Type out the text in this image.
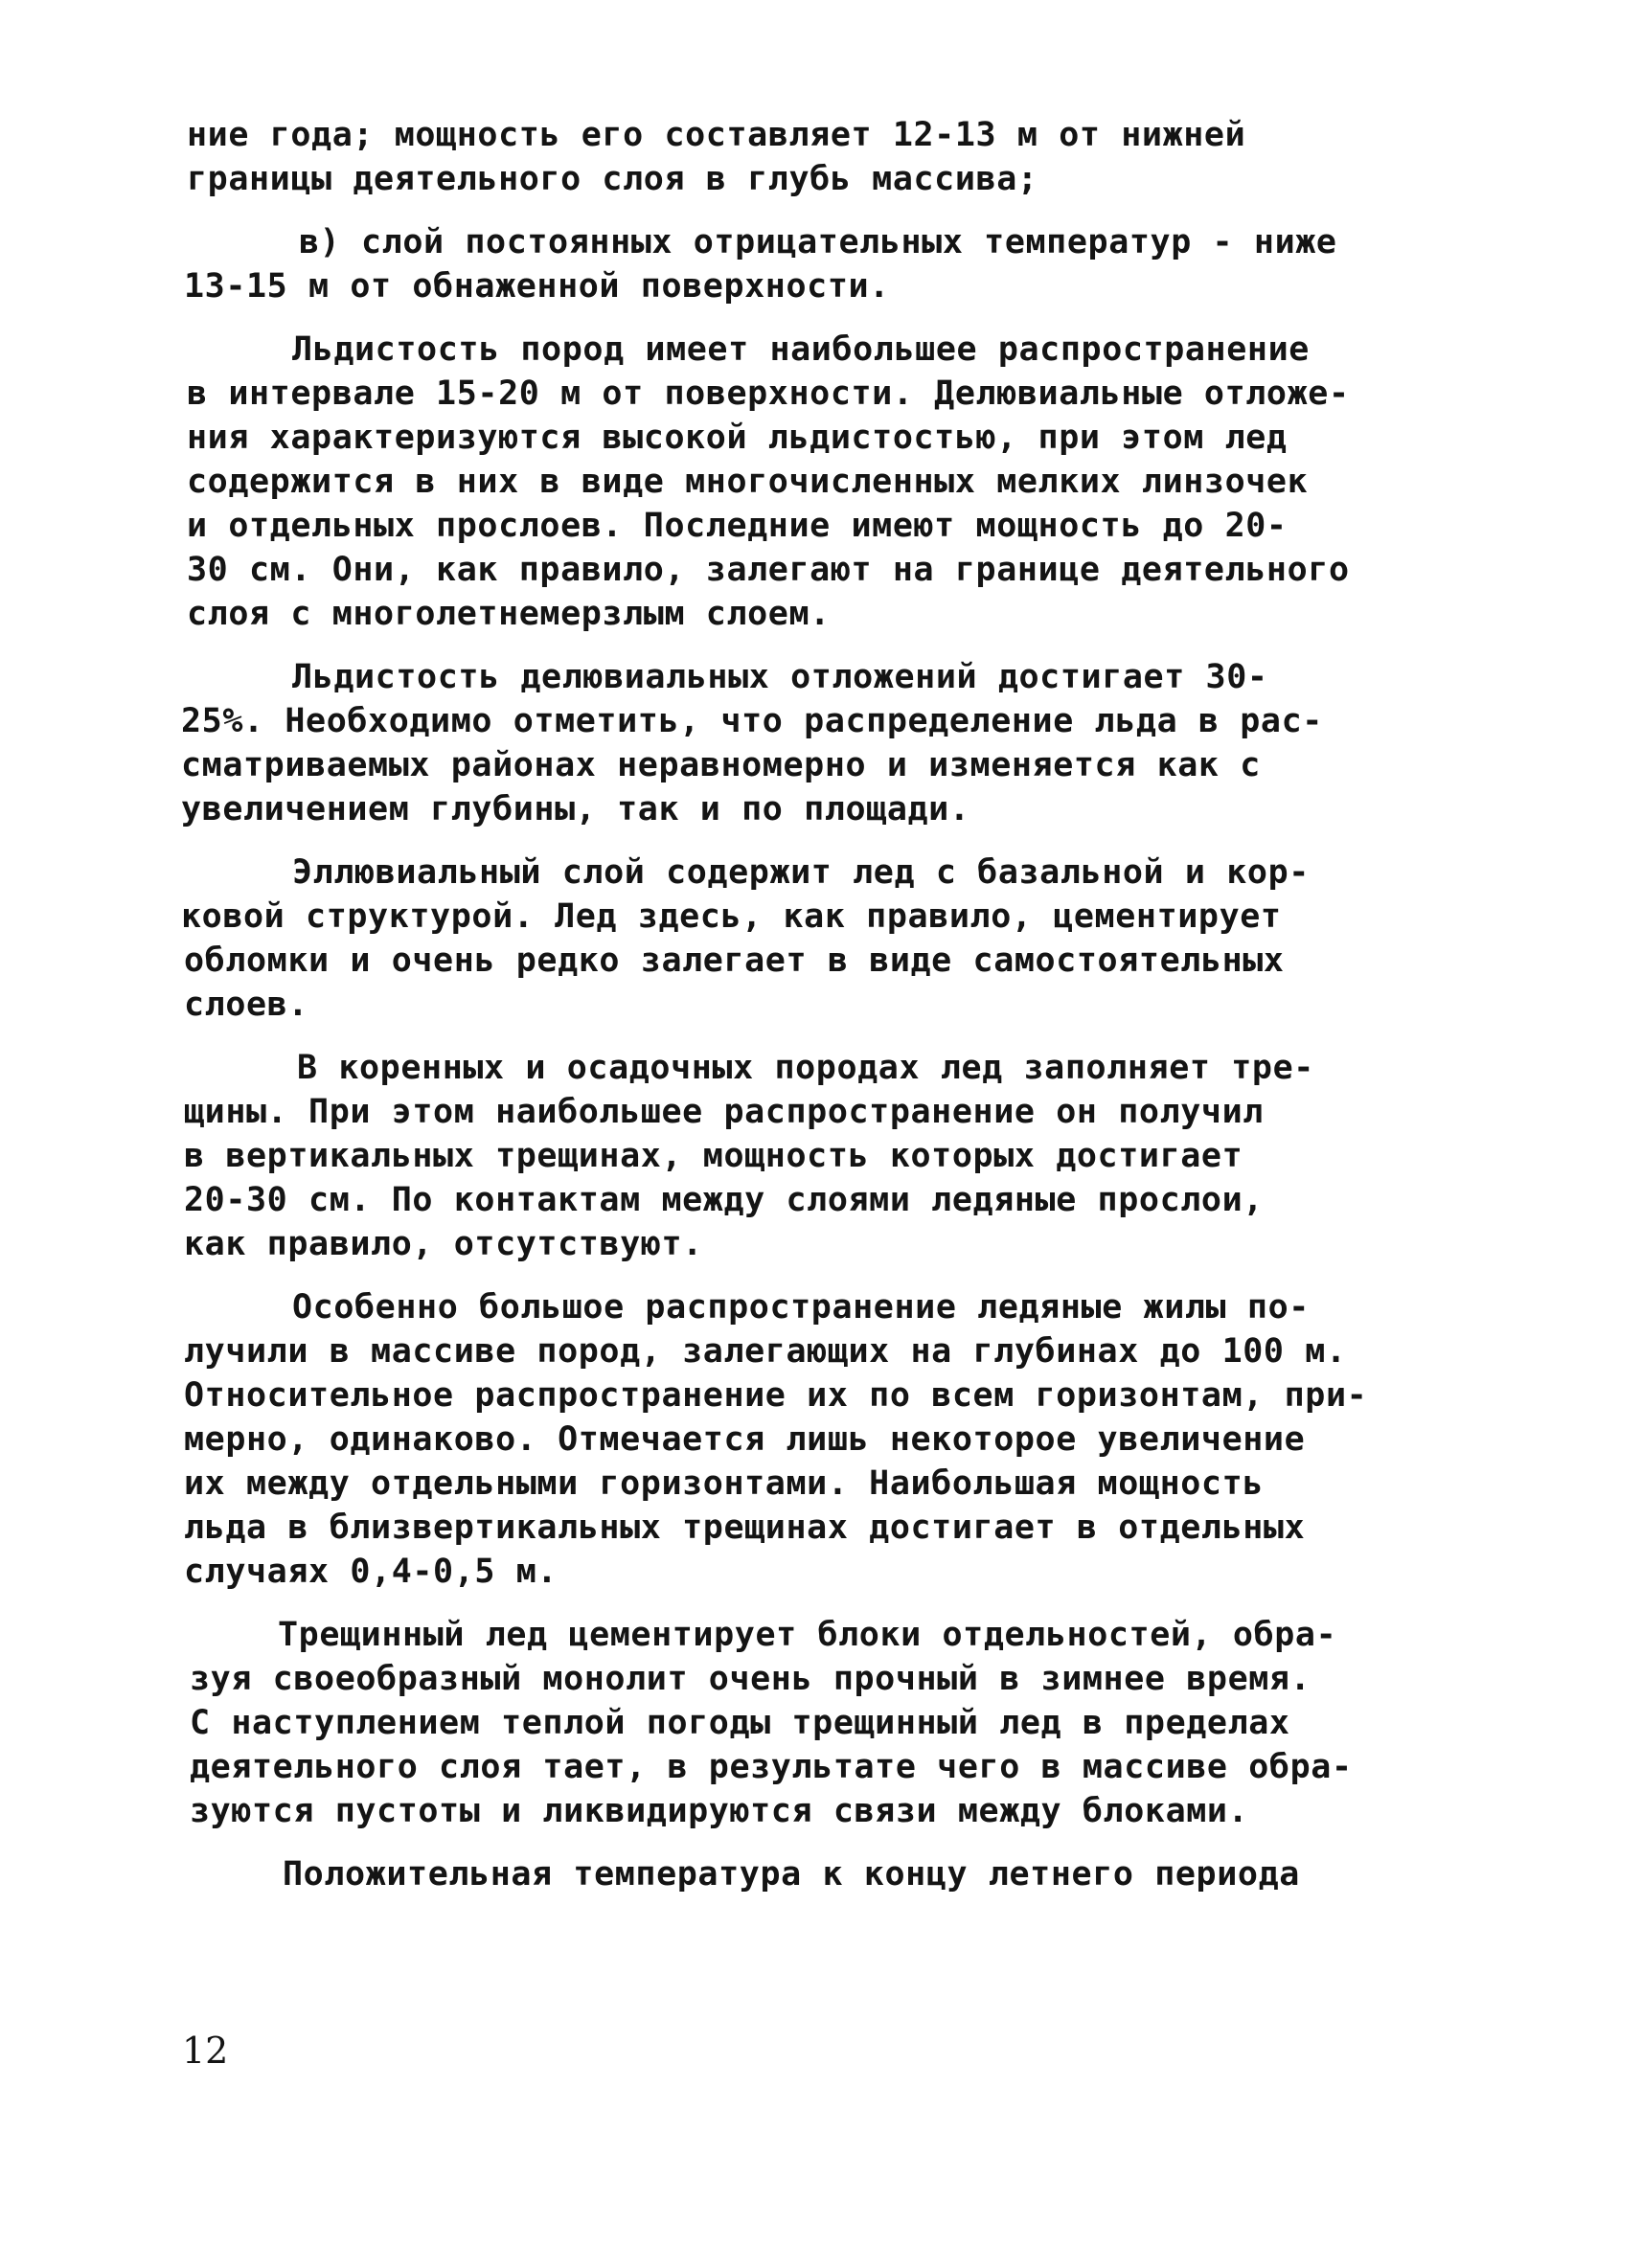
ние года; мощность его составляет 12-13 м от нижней
границы деятельного слоя в глубь массива;
в) слой постоянных отрицательных температур - ниже
13-15 м от обнаженной поверхности.
Льдистость пород имеет наибольшее распространение
в интервале 15-20 м от поверхности. Делювиальные отложе-
ния характеризуются высокой льдистостью, при этом лед
содержится в них в виде многочисленных мелких линзочек
и отдельных прослоев. Последние имеют мощность до 20-
30 см. Они, как правило, залегают на границе деятельного
слоя с многолетнемерзлым слоем.
Льдистость делювиальных отложений достигает 30-
25%. Необходимо отметить, что распределение льда в рас-
сматриваемых районах неравномерно и изменяется как с
увеличением глубины, так и по площади.
Эллювиальный слой содержит лед с базальной и кор-
ковой структурой. Лед здесь, как правило, цементирует
обломки и очень редко залегает в виде самостоятельных
слоев.
В коренных и осадочных породах лед заполняет тре-
щины. При этом наибольшее распространение он получил
в вертикальных трещинах, мощность которых достигает
20-30 см. По контактам между слоями ледяные прослои,
как правило, отсутствуют.
Особенно большое распространение ледяные жилы по-
лучили в массиве пород, залегающих на глубинах до 100 м.
Относительное распространение их по всем горизонтам, при-
мерно, одинаково. Отмечается лишь некоторое увеличение
их между отдельными горизонтами. Наибольшая мощность
льда в близвертикальных трещинах достигает в отдельных
случаях 0,4-0,5 м.
Трещинный лед цементирует блоки отдельностей, обра-
зуя своеобразный монолит очень прочный в зимнее время.
С наступлением теплой погоды трещинный лед в пределах
деятельного слоя тает, в результате чего в массиве обра-
зуются пустоты и ликвидируются связи между блоками.
Положительная температура к концу летнего периода
12
